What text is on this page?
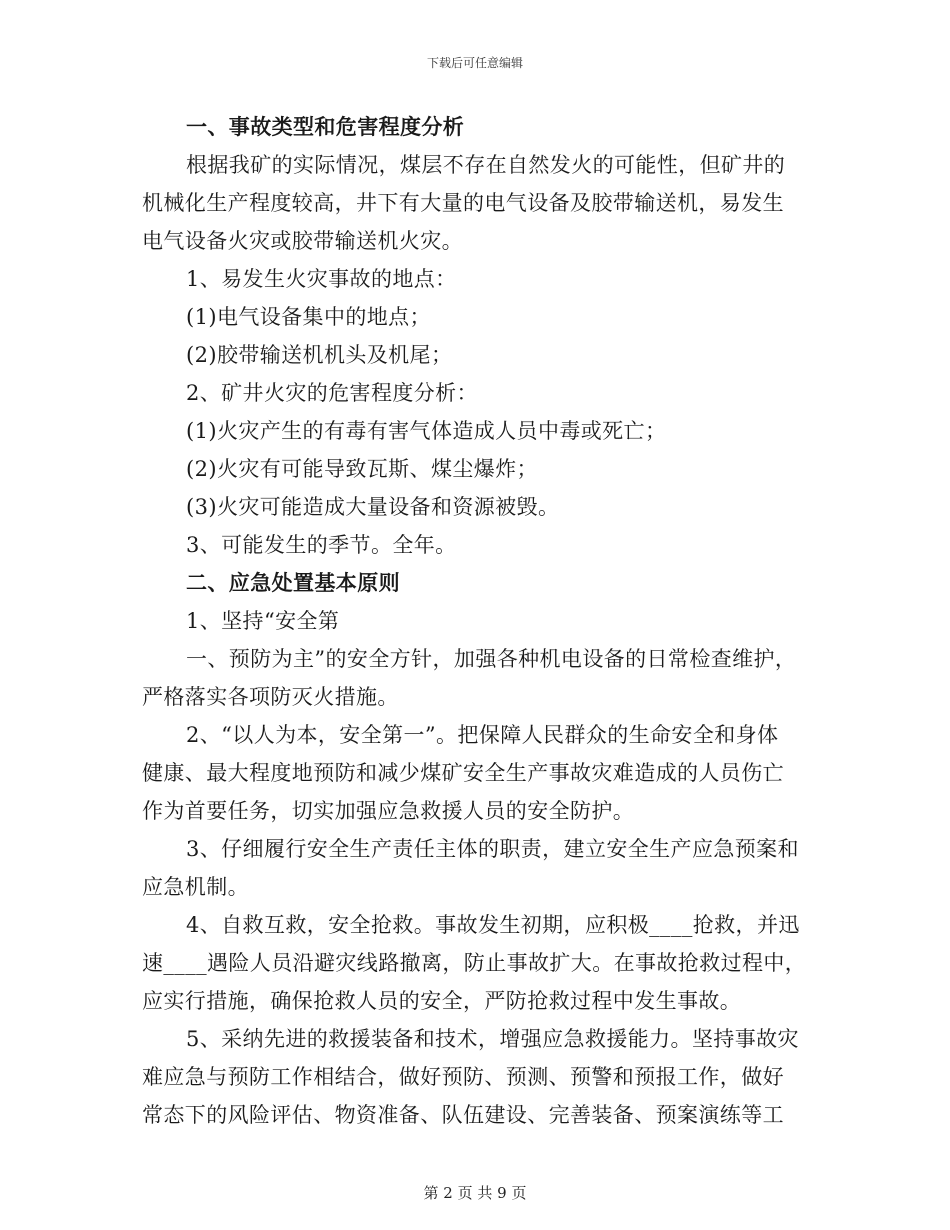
下载后可任意编辑
一、事故类型和危害程度分析
根据我矿的实际情况，煤层不存在自然发火的可能性，但矿井的
机械化生产程度较高，井下有大量的电气设备及胶带输送机，易发生
电气设备火灾或胶带输送机火灾。
1、易发生火灾事故的地点：
(1)电气设备集中的地点；
(2)胶带输送机机头及机尾；
2、矿井火灾的危害程度分析：
(1)火灾产生的有毒有害气体造成人员中毒或死亡；
(2)火灾有可能导致瓦斯、煤尘爆炸；
(3)火灾可能造成大量设备和资源被毁。
3、可能发生的季节。全年。
二、应急处置基本原则
1、坚持“安全第
一、预防为主”的安全方针，加强各种机电设备的日常检查维护，
严格落实各项防灭火措施。
2、“以人为本，安全第一”。把保障人民群众的生命安全和身体
健康、最大程度地预防和减少煤矿安全生产事故灾难造成的人员伤亡
作为首要任务，切实加强应急救援人员的安全防护。
3、仔细履行安全生产责任主体的职责，建立安全生产应急预案和
应急机制。
4、自救互救，安全抢救。事故发生初期，应积极____抢救，并迅
速____遇险人员沿避灾线路撤离，防止事故扩大。在事故抢救过程中，
应实行措施，确保抢救人员的安全，严防抢救过程中发生事故。
5、采纳先进的救援装备和技术，增强应急救援能力。坚持事故灾
难应急与预防工作相结合，做好预防、预测、预警和预报工作，做好
常态下的风险评估、物资准备、队伍建设、完善装备、预案演练等工
第 2 页 共 9 页
